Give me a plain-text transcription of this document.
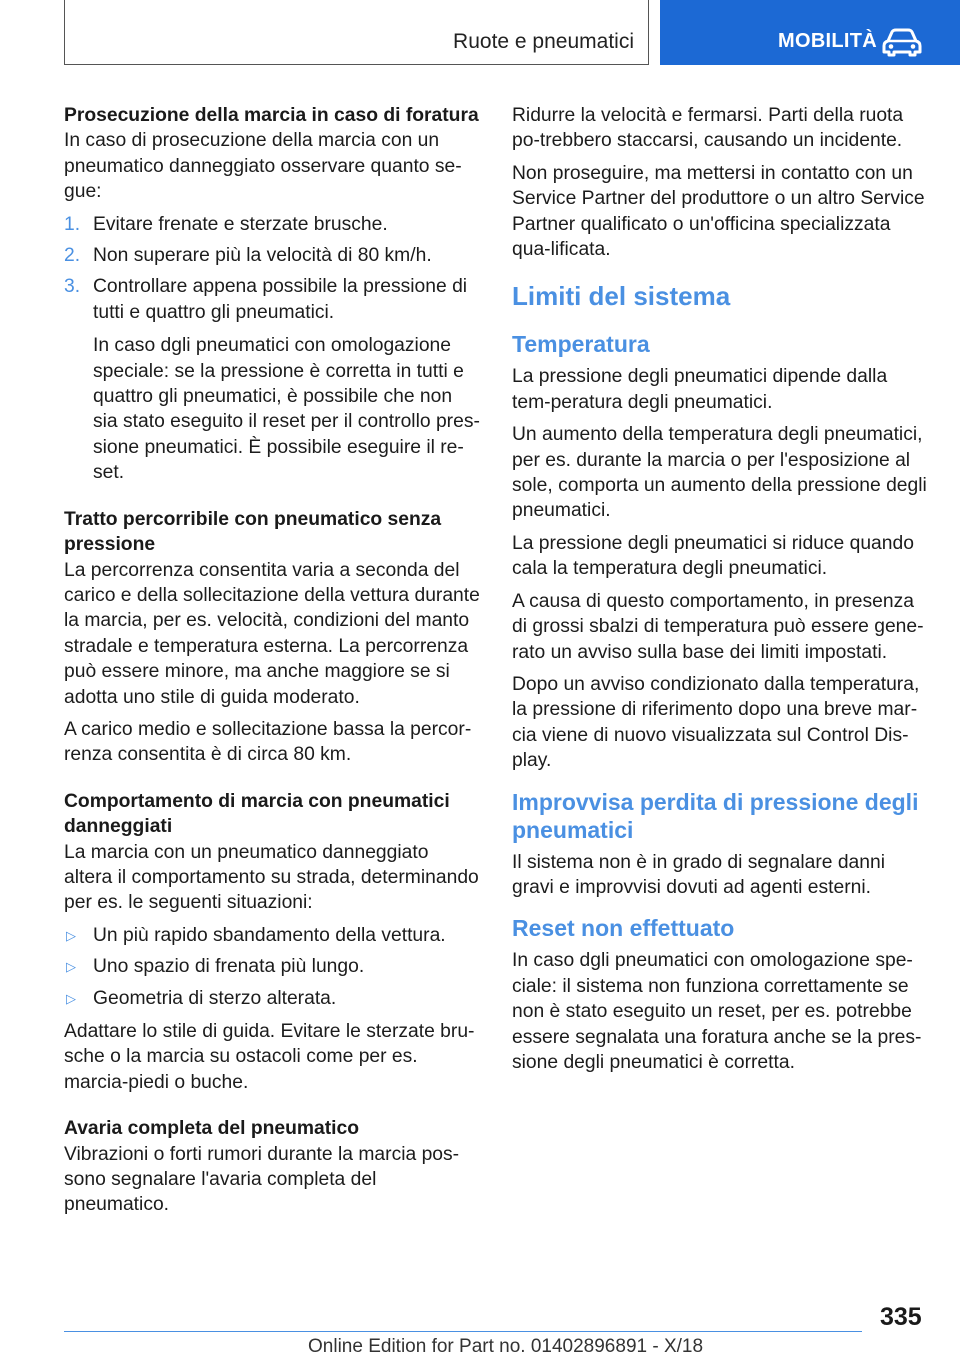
Ruote e pneumatici	MOBILITÀ
Prosecuzione della marcia in caso di foratura

In caso di prosecuzione della marcia con un pneumatico danneggiato osservare quanto se-gue:

1. Evitare frenate e sterzate brusche.
2. Non superare più la velocità di 80 km/h.
3. Controllare appena possibile la pressione di tutti e quattro gli pneumatici.

In caso dgli pneumatici con omologazione speciale: se la pressione è corretta in tutti e quattro gli pneumatici, è possibile che non sia stato eseguito il reset per il controllo pres-sione pneumatici. È possibile eseguire il re-set.

Tratto percorribile con pneumatico senza pressione

La percorrenza consentita varia a seconda del carico e della sollecitazione della vettura durante la marcia, per es. velocità, condizioni del manto stradale e temperatura esterna. La percorrenza può essere minore, ma anche maggiore se si adotta uno stile di guida moderato.

A carico medio e sollecitazione bassa la percor-renza consentita è di circa 80 km.

Comportamento di marcia con pneumatici danneggiati

La marcia con un pneumatico danneggiato altera il comportamento su strada, determinando per es. le seguenti situazioni:

▷ Un più rapido sbandamento della vettura.
▷ Uno spazio di frenata più lungo.
▷ Geometria di sterzo alterata.

Adattare lo stile di guida. Evitare le sterzate bru-sche o la marcia su ostacoli come per es. marcia-piedi o buche.

Avaria completa del pneumatico

Vibrazioni o forti rumori durante la marcia pos-sono segnalare l'avaria completa del pneumatico.

Ridurre la velocità e fermarsi. Parti della ruota po-trebbero staccarsi, causando un incidente.

Non proseguire, ma mettersi in contatto con un Service Partner del produttore o un altro Service Partner qualificato o un'officina specializzata qua-lificata.

Limiti del sistema
Temperatura

La pressione degli pneumatici dipende dalla tem-peratura degli pneumatici.

Un aumento della temperatura degli pneumatici, per es. durante la marcia o per l'esposizione al sole, comporta un aumento della pressione degli pneumatici.

La pressione degli pneumatici si riduce quando cala la temperatura degli pneumatici.

A causa di questo comportamento, in presenza di grossi sbalzi di temperatura può essere gene-rato un avviso sulla base dei limiti impostati.

Dopo un avviso condizionato dalla temperatura, la pressione di riferimento dopo una breve mar-cia viene di nuovo visualizzata sul Control Dis-play.

Improvvisa perdita di pressione degli pneumatici

Il sistema non è in grado di segnalare danni gravi e improvvisi dovuti ad agenti esterni.

Reset non effettuato

In caso dgli pneumatici con omologazione spe-ciale: il sistema non funziona correttamente se non è stato eseguito un reset, per es. potrebbe essere segnalata una foratura anche se la pres-sione degli pneumatici è corretta.

335
Online Edition for Part no. 01402896891 - X/18
